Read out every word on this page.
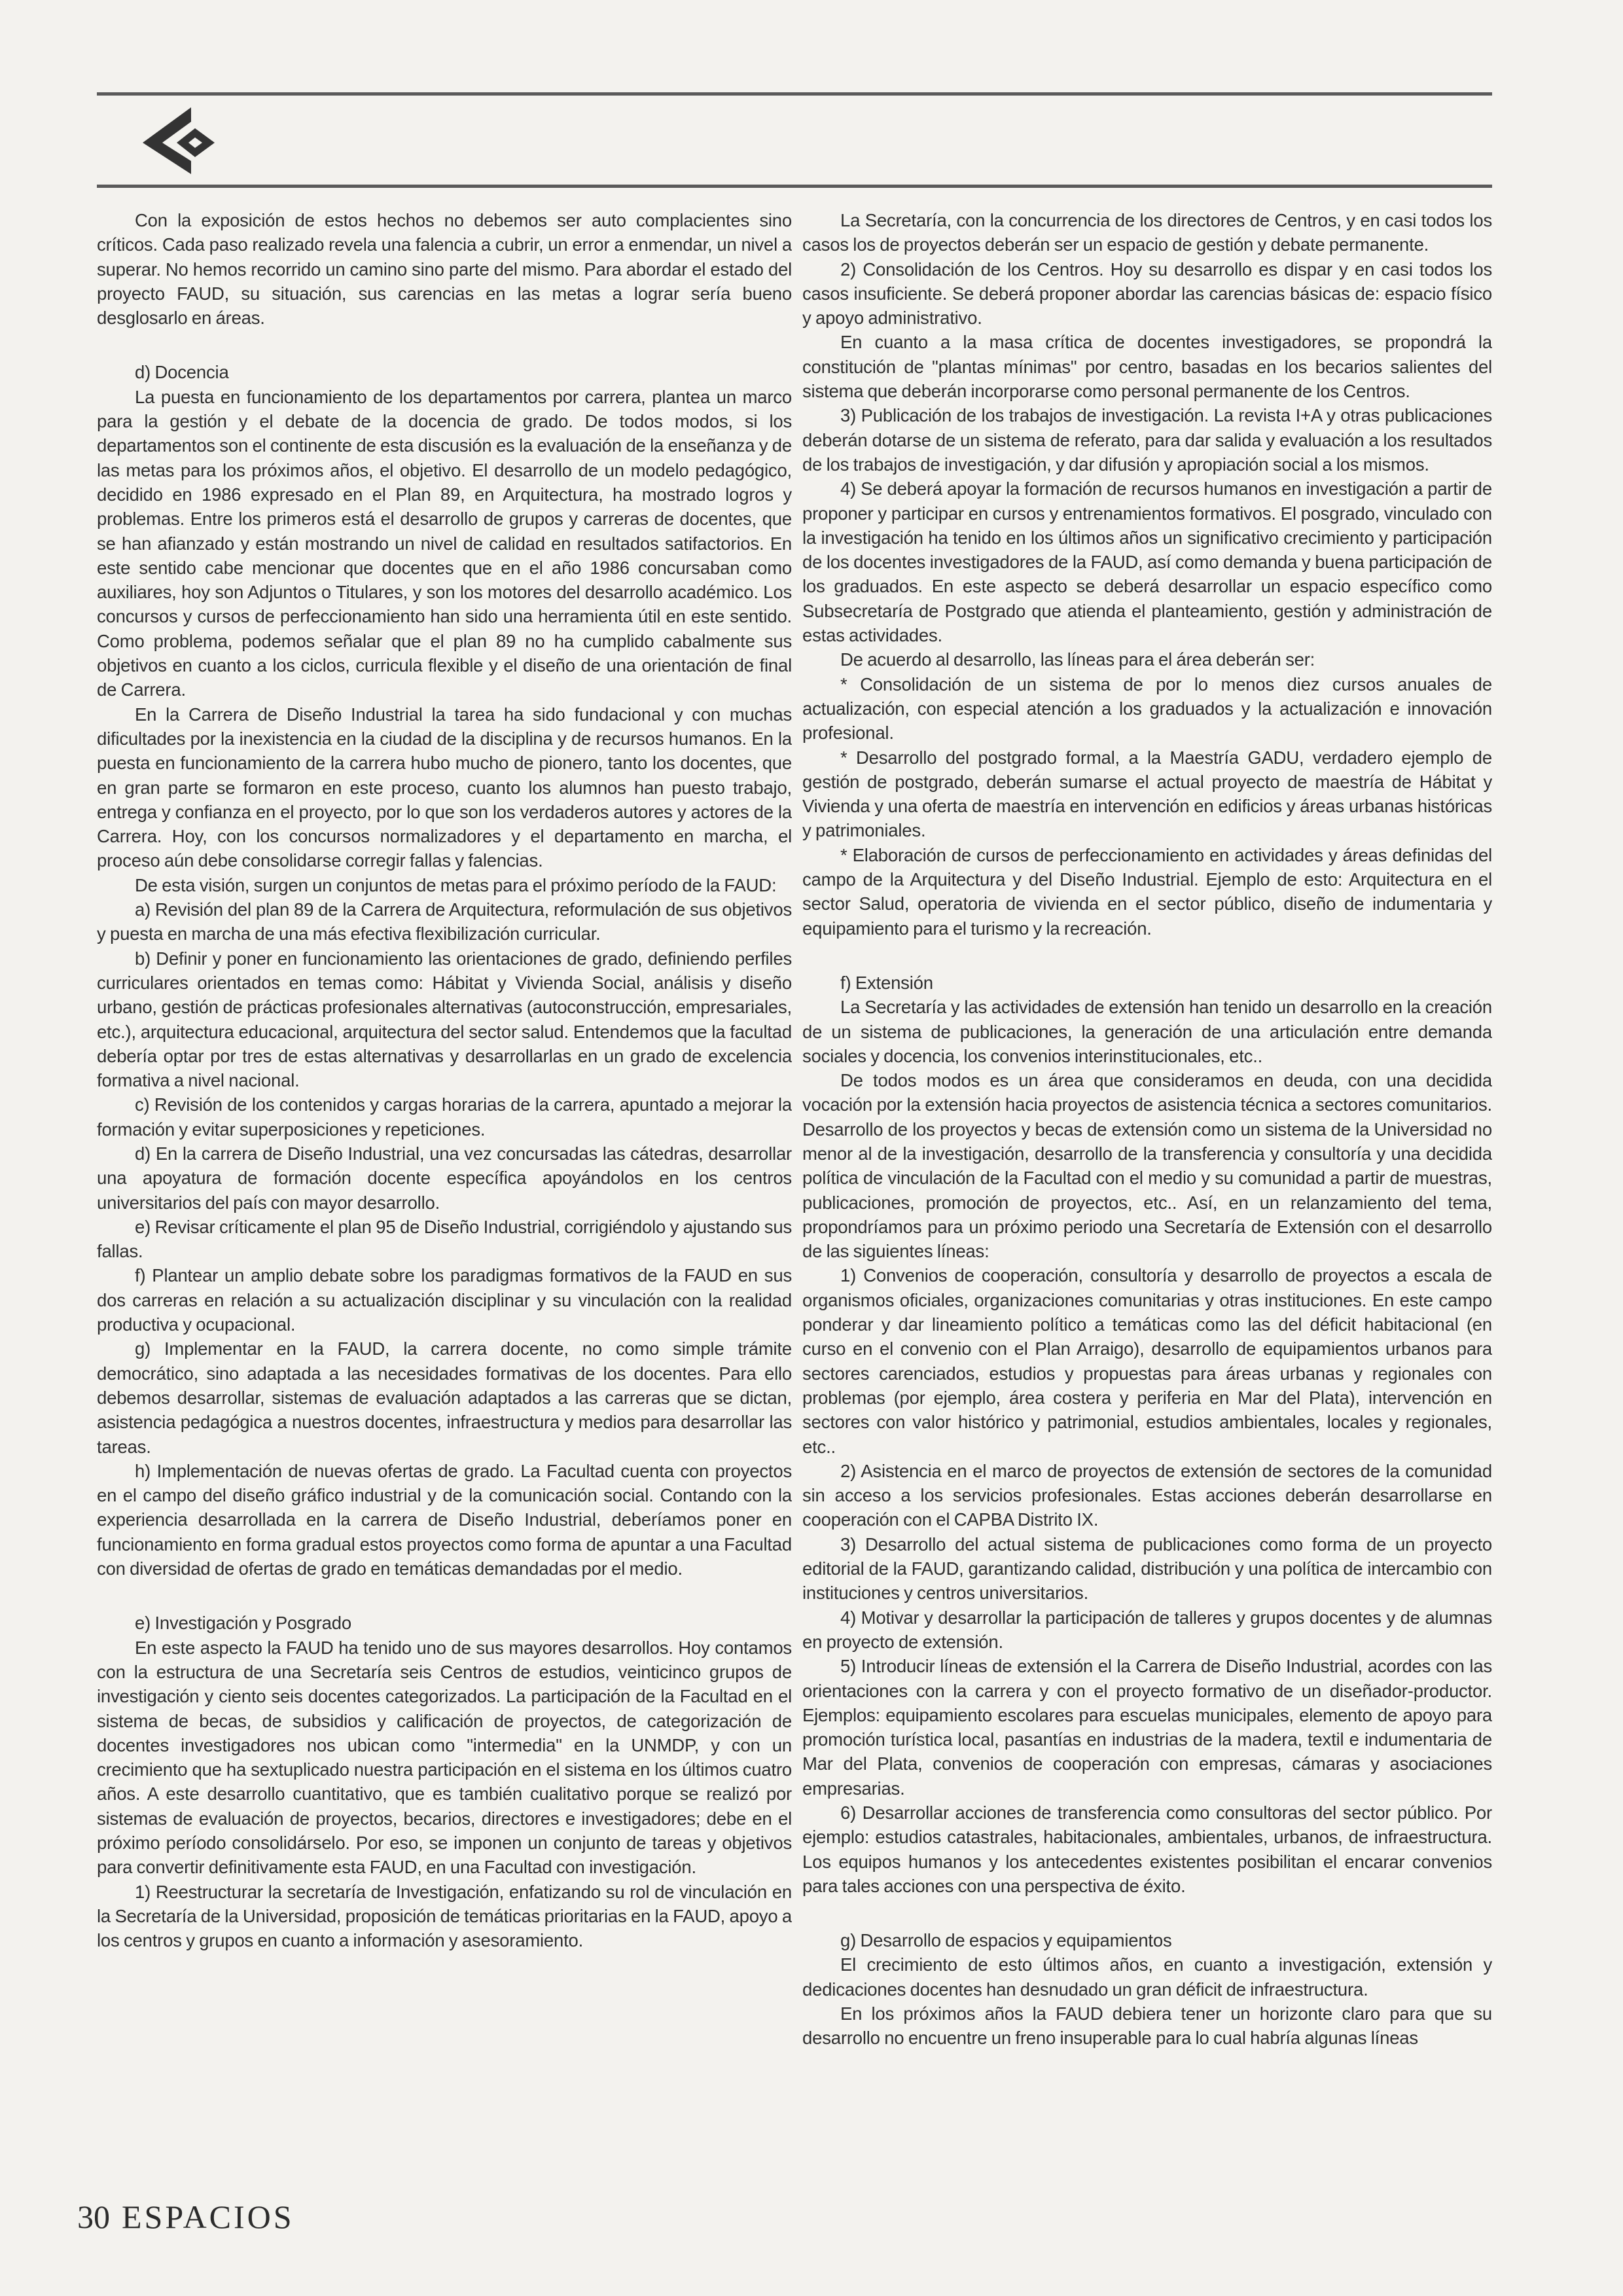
Con la exposición de estos hechos no debemos ser auto complacientes sino críticos. Cada paso realizado revela una falencia a cubrir, un error a enmendar, un nivel a superar. No hemos recorrido un camino sino parte del mismo. Para abordar el estado del proyecto FAUD, su situación, sus carencias en las metas a lograr sería bueno desglosarlo en áreas.

d) Docencia

La puesta en funcionamiento de los departamentos por carrera, plantea un marco para la gestión y el debate de la docencia de grado. De todos modos, si los departamentos son el continente de esta discusión es la evaluación de la enseñanza y de las metas para los próximos años, el objetivo. El desarrollo de un modelo pedagógico, decidido en 1986 expresado en el Plan 89, en Arquitectura, ha mostrado logros y problemas. Entre los primeros está el desarrollo de grupos y carreras de docentes, que se han afianzado y están mostrando un nivel de calidad en resultados satifactorios. En este sentido cabe mencionar que docentes que en el año 1986 concursaban como auxiliares, hoy son Adjuntos o Titulares, y son los motores del desarrollo académico. Los concursos y cursos de perfeccionamiento han sido una herramienta útil en este sentido. Como problema, podemos señalar que el plan 89 no ha cumplido cabalmente sus objetivos en cuanto a los ciclos, curricula flexible y el diseño de una orientación de final de Carrera.

En la Carrera de Diseño Industrial la tarea ha sido fundacional y con muchas dificultades por la inexistencia en la ciudad de la disciplina y de recursos humanos. En la puesta en funcionamiento de la carrera hubo mucho de pionero, tanto los docentes, que en gran parte se formaron en este proceso, cuanto los alumnos han puesto trabajo, entrega y confianza en el proyecto, por lo que son los verdaderos autores y actores de la Carrera. Hoy, con los concursos normalizadores y el departamento en marcha, el proceso aún debe consolidarse corregir fallas y falencias.

De esta visión, surgen un conjuntos de metas para el próximo período de la FAUD:

a) Revisión del plan 89 de la Carrera de Arquitectura, reformulación de sus objetivos y puesta en marcha de una más efectiva flexibilización curricular.

b) Definir y poner en funcionamiento las orientaciones de grado, definiendo perfiles curriculares orientados en temas como: Hábitat y Vivienda Social, análisis y diseño urbano, gestión de prácticas profesionales alternativas (autoconstrucción, empresariales, etc.), arquitectura educacional, arquitectura del sector salud. Entendemos que la facultad debería optar por tres de estas alternativas y desarrollarlas en un grado de excelencia formativa a nivel nacional.

c) Revisión de los contenidos y cargas horarias de la carrera, apuntado a mejorar la formación y evitar superposiciones y repeticiones.

d) En la carrera de Diseño Industrial, una vez concursadas las cátedras, desarrollar una apoyatura de formación docente específica apoyándolos en los centros universitarios del país con mayor desarrollo.

e) Revisar críticamente el plan 95 de Diseño Industrial, corrigiéndolo y ajustando sus fallas.

f) Plantear un amplio debate sobre los paradigmas formativos de la FAUD en sus dos carreras en relación a su actualización disciplinar y su vinculación con la realidad productiva y ocupacional.

g) Implementar en la FAUD, la carrera docente, no como simple trámite democrático, sino adaptada a las necesidades formativas de los docentes. Para ello debemos desarrollar, sistemas de evaluación adaptados a las carreras que se dictan, asistencia pedagógica a nuestros docentes, infraestructura y medios para desarrollar las tareas.

h) Implementación de nuevas ofertas de grado. La Facultad cuenta con proyectos en el campo del diseño gráfico industrial y de la comunicación social. Contando con la experiencia desarrollada en la carrera de Diseño Industrial, deberíamos poner en funcionamiento en forma gradual estos proyectos como forma de apuntar a una Facultad con diversidad de ofertas de grado en temáticas demandadas por el medio.

e) Investigación y Posgrado

En este aspecto la FAUD ha tenido uno de sus mayores desarrollos. Hoy contamos con la estructura de una Secretaría seis Centros de estudios, veinticinco grupos de investigación y ciento seis docentes categorizados. La participación de la Facultad en el sistema de becas, de subsidios y calificación de proyectos, de categorización de docentes investigadores nos ubican como "intermedia" en la UNMDP, y con un crecimiento que ha sextuplicado nuestra participación en el sistema en los últimos cuatro años. A este desarrollo cuantitativo, que es también cualitativo porque se realizó por sistemas de evaluación de proyectos, becarios, directores e investigadores; debe en el próximo período consolidárselo. Por eso, se imponen un conjunto de tareas y objetivos para convertir definitivamente esta FAUD, en una Facultad con investigación.

1) Reestructurar la secretaría de Investigación, enfatizando su rol de vinculación en la Secretaría de la Universidad, proposición de temáticas prioritarias en la FAUD, apoyo a los centros y grupos en cuanto a información y asesoramiento.

La Secretaría, con la concurrencia de los directores de Centros, y en casi todos los casos los de proyectos deberán ser un espacio de gestión y debate permanente.

2) Consolidación de los Centros. Hoy su desarrollo es dispar y en casi todos los casos insuficiente. Se deberá proponer abordar las carencias básicas de: espacio físico y apoyo administrativo.

En cuanto a la masa crítica de docentes investigadores, se propondrá la constitución de "plantas mínimas" por centro, basadas en los becarios salientes del sistema que deberán incorporarse como personal permanente de los Centros.

3) Publicación de los trabajos de investigación. La revista I+A y otras publicaciones deberán dotarse de un sistema de referato, para dar salida y evaluación a los resultados de los trabajos de investigación, y dar difusión y apropiación social a los mismos.

4) Se deberá apoyar la formación de recursos humanos en investigación a partir de proponer y participar en cursos y entrenamientos formativos. El posgrado, vinculado con la investigación ha tenido en los últimos años un significativo crecimiento y participación de los docentes investigadores de la FAUD, así como demanda y buena participación de los graduados. En este aspecto se deberá desarrollar un espacio específico como Subsecretaría de Postgrado que atienda el planteamiento, gestión y administración de estas actividades.

De acuerdo al desarrollo, las líneas para el área deberán ser:

* Consolidación de un sistema de por lo menos diez cursos anuales de actualización, con especial atención a los graduados y la actualización e innovación profesional.

* Desarrollo del postgrado formal, a la Maestría GADU, verdadero ejemplo de gestión de postgrado, deberán sumarse el actual proyecto de maestría de Hábitat y Vivienda y una oferta de maestría en intervención en edificios y áreas urbanas históricas y patrimoniales.

* Elaboración de cursos de perfeccionamiento en actividades y áreas definidas del campo de la Arquitectura y del Diseño Industrial. Ejemplo de esto: Arquitectura en el sector Salud, operatoria de vivienda en el sector público, diseño de indumentaria y equipamiento para el turismo y la recreación.

f) Extensión

La Secretaría y las actividades de extensión han tenido un desarrollo en la creación de un sistema de publicaciones, la generación de una articulación entre demanda sociales y docencia, los convenios interinstitucionales, etc..

De todos modos es un área que consideramos en deuda, con una decidida vocación por la extensión hacia proyectos de asistencia técnica a sectores comunitarios. Desarrollo de los proyectos y becas de extensión como un sistema de la Universidad no menor al de la investigación, desarrollo de la transferencia y consultoría y una decidida política de vinculación de la Facultad con el medio y su comunidad a partir de muestras, publicaciones, promoción de proyectos, etc.. Así, en un relanzamiento del tema, propondríamos para un próximo periodo una Secretaría de Extensión con el desarrollo de las siguientes líneas:

1) Convenios de cooperación, consultoría y desarrollo de proyectos a escala de organismos oficiales, organizaciones comunitarias y otras instituciones. En este campo ponderar y dar lineamiento político a temáticas como las del déficit habitacional (en curso en el convenio con el Plan Arraigo), desarrollo de equipamientos urbanos para sectores carenciados, estudios y propuestas para áreas urbanas y regionales con problemas (por ejemplo, área costera y periferia en Mar del Plata), intervención en sectores con valor histórico y patrimonial, estudios ambientales, locales y regionales, etc..

2) Asistencia en el marco de proyectos de extensión de sectores de la comunidad sin acceso a los servicios profesionales. Estas acciones deberán desarrollarse en cooperación con el CAPBA Distrito IX.

3) Desarrollo del actual sistema de publicaciones como forma de un proyecto editorial de la FAUD, garantizando calidad, distribución y una política de intercambio con instituciones y centros universitarios.

4) Motivar y desarrollar la participación de talleres y grupos docentes y de alumnas en proyecto de extensión.

5) Introducir líneas de extensión el la Carrera de Diseño Industrial, acordes con las orientaciones con la carrera y con el proyecto formativo de un diseñador-productor. Ejemplos: equipamiento escolares para escuelas municipales, elemento de apoyo para promoción turística local, pasantías en industrias de la madera, textil e indumentaria de Mar del Plata, convenios de cooperación con empresas, cámaras y asociaciones empresarias.

6) Desarrollar acciones de transferencia como consultoras del sector público. Por ejemplo: estudios catastrales, habitacionales, ambientales, urbanos, de infraestructura. Los equipos humanos y los antecedentes existentes posibilitan el encarar convenios para tales acciones con una perspectiva de éxito.

g) Desarrollo de espacios y equipamientos

El crecimiento de esto últimos años, en cuanto a investigación, extensión y dedicaciones docentes han desnudado un gran déficit de infraestructura.

En los próximos años la FAUD debiera tener un horizonte claro para que su desarrollo no encuentre un freno insuperable para lo cual habría algunas líneas

30 ESPACIOS
